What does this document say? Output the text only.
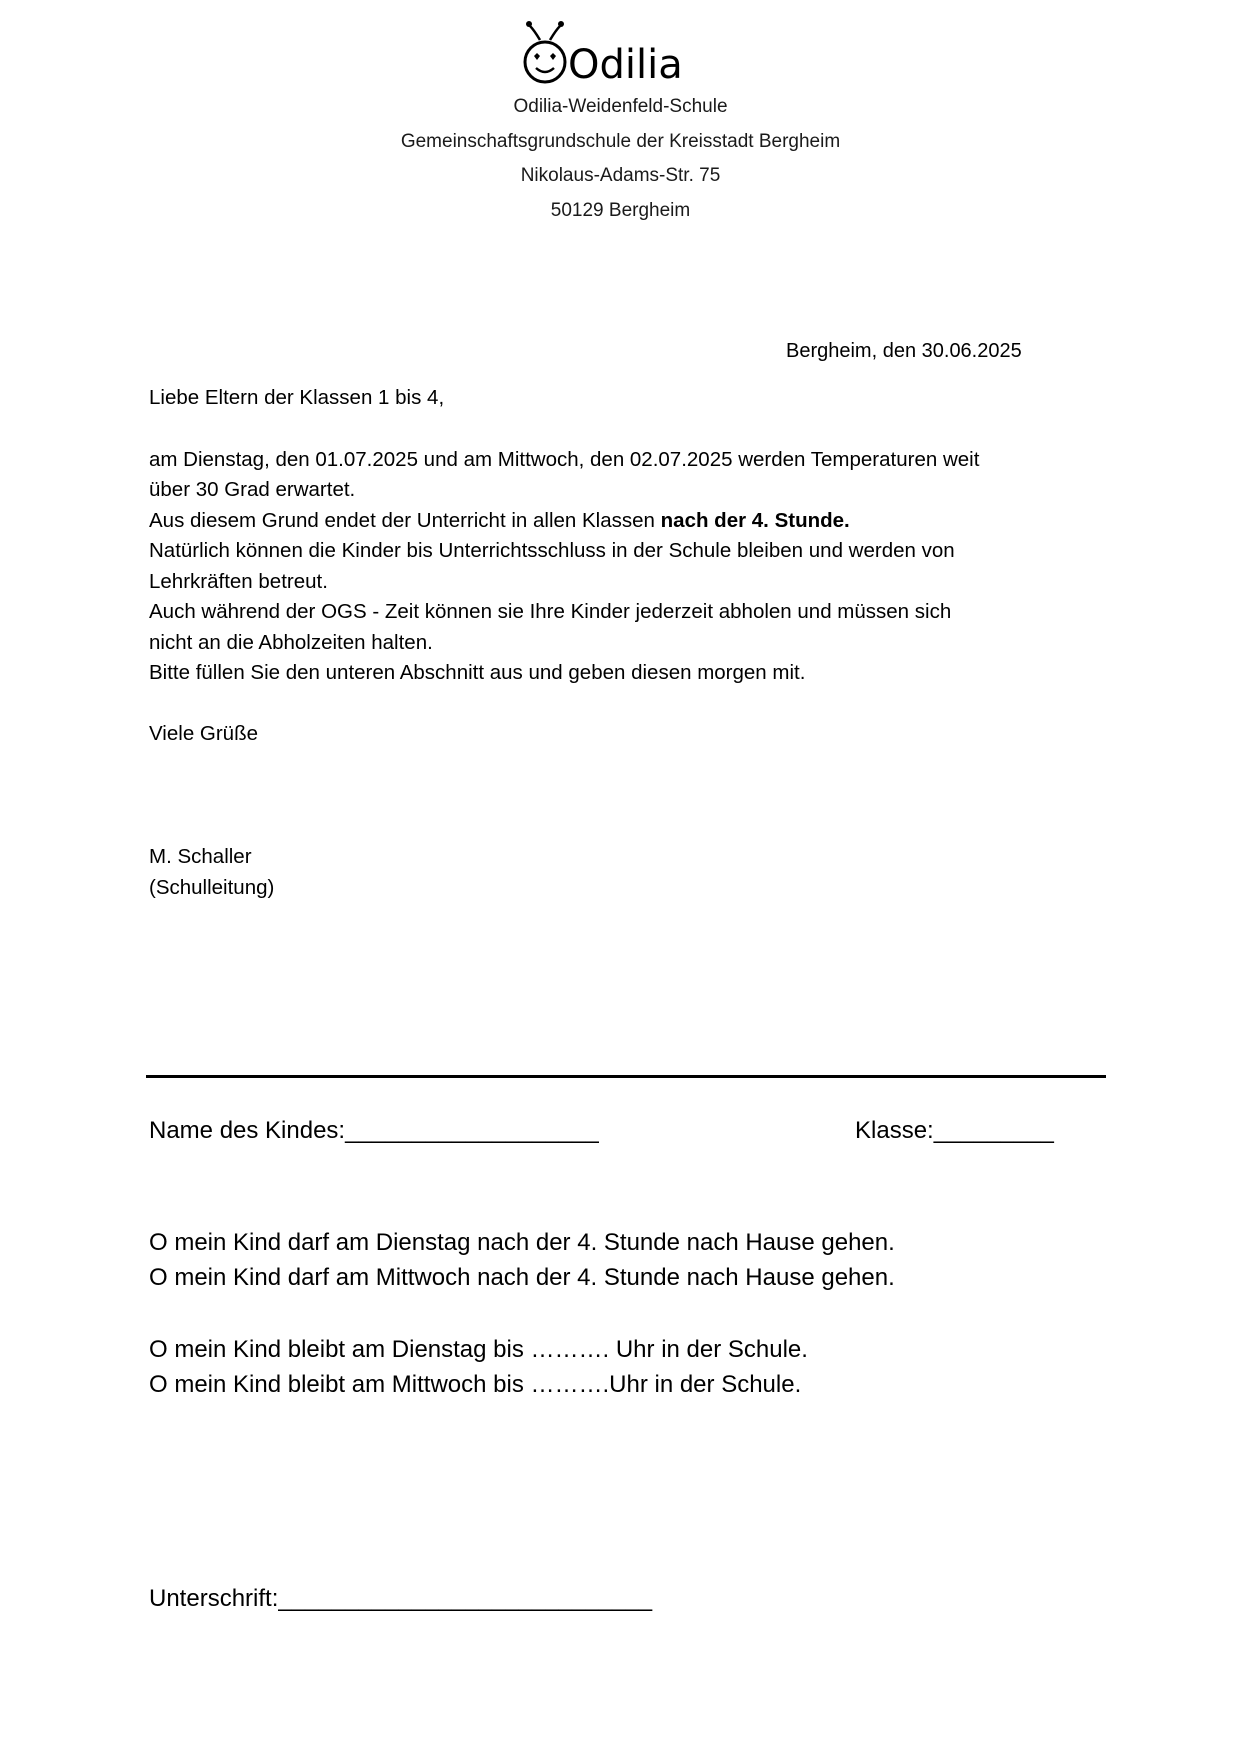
Odilia
Odilia-Weidenfeld-Schule
Gemeinschaftsgrundschule der Kreisstadt Bergheim
Nikolaus-Adams-Str. 75
50129 Bergheim
Bergheim, den 30.06.2025
Liebe Eltern der Klassen 1 bis 4,
am Dienstag, den 01.07.2025 und am Mittwoch, den 02.07.2025 werden Temperaturen weit
über 30 Grad erwartet.
Aus diesem Grund endet der Unterricht in allen Klassen nach der 4. Stunde.
Natürlich können die Kinder bis Unterrichtsschluss in der Schule bleiben und werden von
Lehrkräften betreut.
Auch während der OGS - Zeit können sie Ihre Kinder jederzeit abholen und müssen sich
nicht an die Abholzeiten halten.
Bitte füllen Sie den unteren Abschnitt aus und geben diesen morgen mit.
Viele Grüße
M. Schaller
(Schulleitung)
Name des Kindes:___________________	Klasse:_________
O mein Kind darf am Dienstag nach der 4. Stunde nach Hause gehen.
O mein Kind darf am Mittwoch nach der 4. Stunde nach Hause gehen.
O mein Kind bleibt am Dienstag bis ………. Uhr in der Schule.
O mein Kind bleibt am Mittwoch bis ……….Uhr in der Schule.
Unterschrift:____________________________
